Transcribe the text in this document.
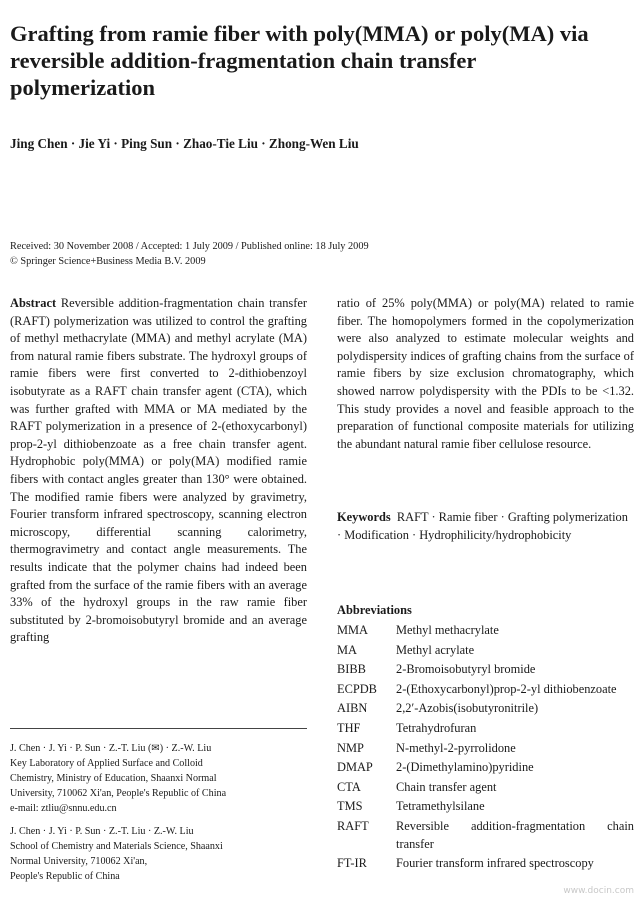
Grafting from ramie fiber with poly(MMA) or poly(MA) via reversible addition-fragmentation chain transfer polymerization
Jing Chen · Jie Yi · Ping Sun · Zhao-Tie Liu · Zhong-Wen Liu
Received: 30 November 2008 / Accepted: 1 July 2009 / Published online: 18 July 2009
© Springer Science+Business Media B.V. 2009
Abstract Reversible addition-fragmentation chain transfer (RAFT) polymerization was utilized to control the grafting of methyl methacrylate (MMA) and methyl acrylate (MA) from natural ramie fibers substrate. The hydroxyl groups of ramie fibers were first converted to 2-dithiobenzoyl isobutyrate as a RAFT chain transfer agent (CTA), which was further grafted with MMA or MA mediated by the RAFT polymerization in a presence of 2-(ethoxycarbonyl) prop-2-yl dithiobenzoate as a free chain transfer agent. Hydrophobic poly(MMA) or poly(MA) modified ramie fibers with contact angles greater than 130° were obtained. The modified ramie fibers were analyzed by gravimetry, Fourier transform infrared spectroscopy, scanning electron microscopy, differential scanning calorimetry, thermogravimetry and contact angle measurements. The results indicate that the polymer chains had indeed been grafted from the surface of the ramie fibers with an average 33% of the hydroxyl groups in the raw ramie fiber substituted by 2-bromoisobutyryl bromide and an average grafting
J. Chen · J. Yi · P. Sun · Z.-T. Liu (✉) · Z.-W. Liu
Key Laboratory of Applied Surface and Colloid
Chemistry, Ministry of Education, Shaanxi Normal
University, 710062 Xi'an, People's Republic of China
e-mail: ztliu@snnu.edu.cn
J. Chen · J. Yi · P. Sun · Z.-T. Liu · Z.-W. Liu
School of Chemistry and Materials Science, Shaanxi
Normal University, 710062 Xi'an,
People's Republic of China
ratio of 25% poly(MMA) or poly(MA) related to ramie fiber. The homopolymers formed in the copolymerization were also analyzed to estimate molecular weights and polydispersity indices of grafting chains from the surface of ramie fibers by size exclusion chromatography, which showed narrow polydispersity with the PDIs to be <1.32. This study provides a novel and feasible approach to the preparation of functional composite materials for utilizing the abundant natural ramie fiber cellulose resource.
Keywords RAFT · Ramie fiber · Grafting polymerization · Modification · Hydrophilicity/hydrophobicity
Abbreviations
MMA	Methyl methacrylate
MA	Methyl acrylate
BIBB	2-Bromoisobutyryl bromide
ECPDB	2-(Ethoxycarbonyl)prop-2-yl dithiobenzoate
AIBN	2,2′-Azobis(isobutyronitrile)
THF	Tetrahydrofuran
NMP	N-methyl-2-pyrrolidone
DMAP	2-(Dimethylamino)pyridine
CTA	Chain transfer agent
TMS	Tetramethylsilane
RAFT	Reversible addition-fragmentation chain transfer
FT-IR	Fourier transform infrared spectroscopy
www.docin.com
